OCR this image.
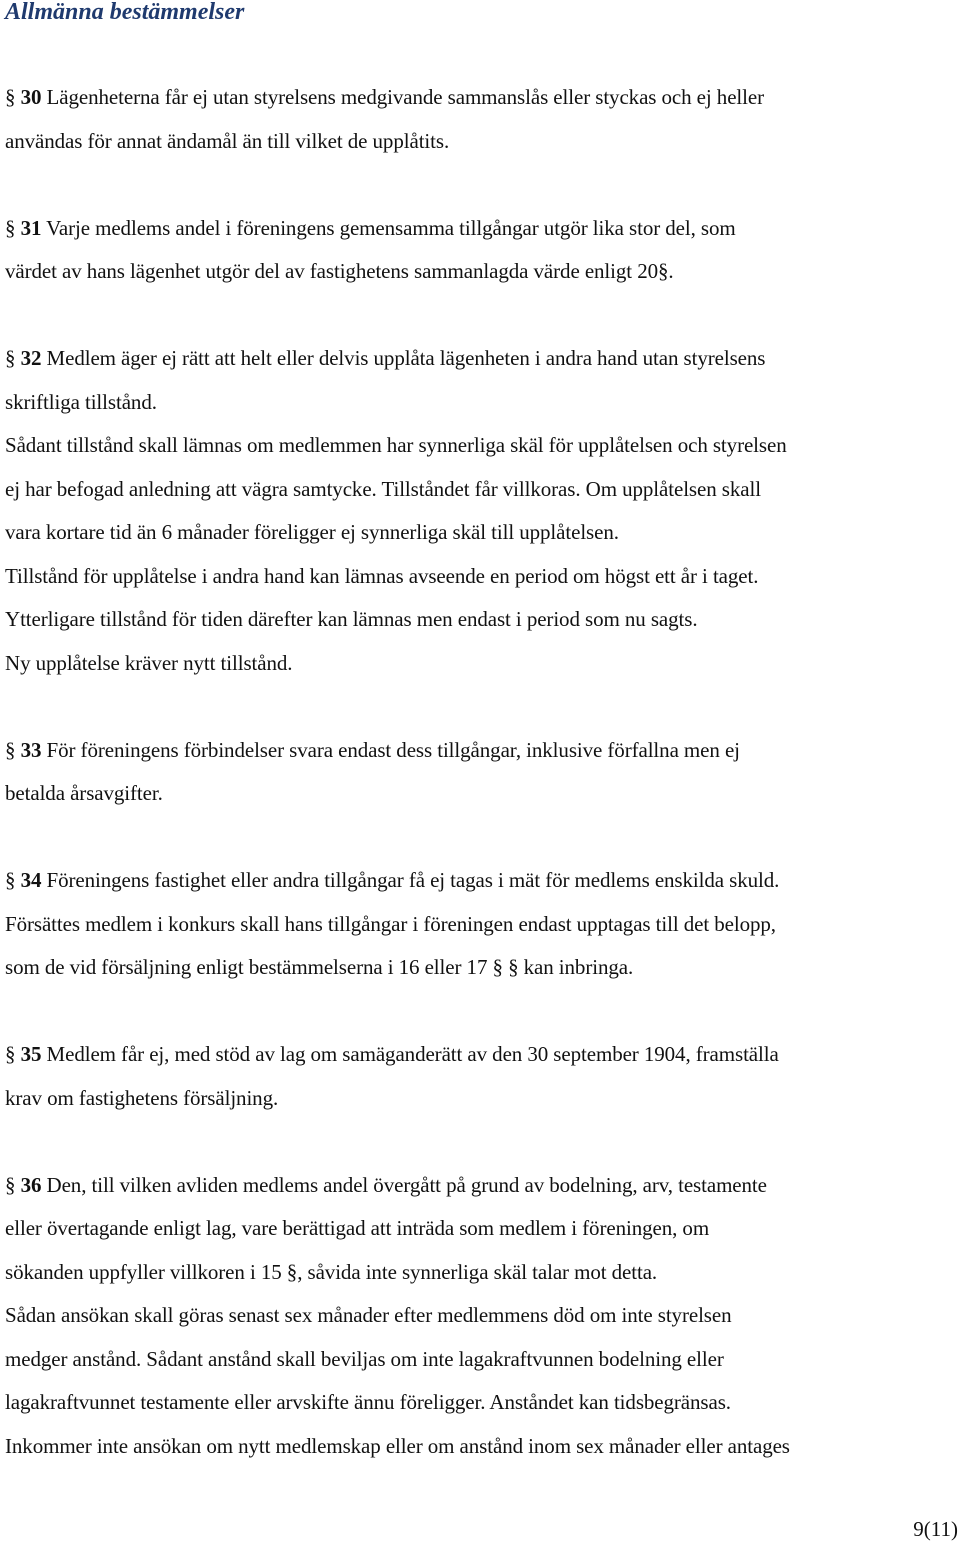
Allmänna bestämmelser
§ 30 Lägenheterna får ej utan styrelsens medgivande sammanslås eller styckas och ej heller
användas för annat ändamål än till vilket de upplåtits.
§ 31 Varje medlems andel i föreningens gemensamma tillgångar utgör lika stor del, som
värdet av hans lägenhet utgör del av fastighetens sammanlagda värde enligt 20§.
§ 32 Medlem äger ej rätt att helt eller delvis upplåta lägenheten i andra hand utan styrelsens
skriftliga tillstånd.
Sådant tillstånd skall lämnas om medlemmen har synnerliga skäl för upplåtelsen och styrelsen
ej har befogad anledning att vägra samtycke. Tillståndet får villkoras. Om upplåtelsen skall
vara kortare tid än 6 månader föreligger ej synnerliga skäl till upplåtelsen.
Tillstånd för upplåtelse i andra hand kan lämnas avseende en period om högst ett år i taget.
Ytterligare tillstånd för tiden därefter kan lämnas men endast i period som nu sagts.
Ny upplåtelse kräver nytt tillstånd.
§ 33 För föreningens förbindelser svara endast dess tillgångar, inklusive förfallna men ej
betalda årsavgifter.
§ 34 Föreningens fastighet eller andra tillgångar få ej tagas i mät för medlems enskilda skuld.
Försättes medlem i konkurs skall hans tillgångar i föreningen endast upptagas till det belopp,
som de vid försäljning enligt bestämmelserna i 16 eller 17 § § kan inbringa.
§ 35 Medlem får ej, med stöd av lag om samäganderätt av den 30 september 1904, framställa
krav om fastighetens försäljning.
§ 36 Den, till vilken avliden medlems andel övergått på grund av bodelning, arv, testamente
eller övertagande enligt lag, vare berättigad att inträda som medlem i föreningen, om
sökanden uppfyller villkoren i 15 §, såvida inte synnerliga skäl talar mot detta.
Sådan ansökan skall göras senast sex månader efter medlemmens död om inte styrelsen
medger anstånd. Sådant anstånd skall beviljas om inte lagakraftvunnen bodelning eller
lagakraftvunnet testamente eller arvskifte ännu föreligger. Anståndet kan tidsbegränsas.
Inkommer inte ansökan om nytt medlemskap eller om anstånd inom sex månader eller antages
9(11)
